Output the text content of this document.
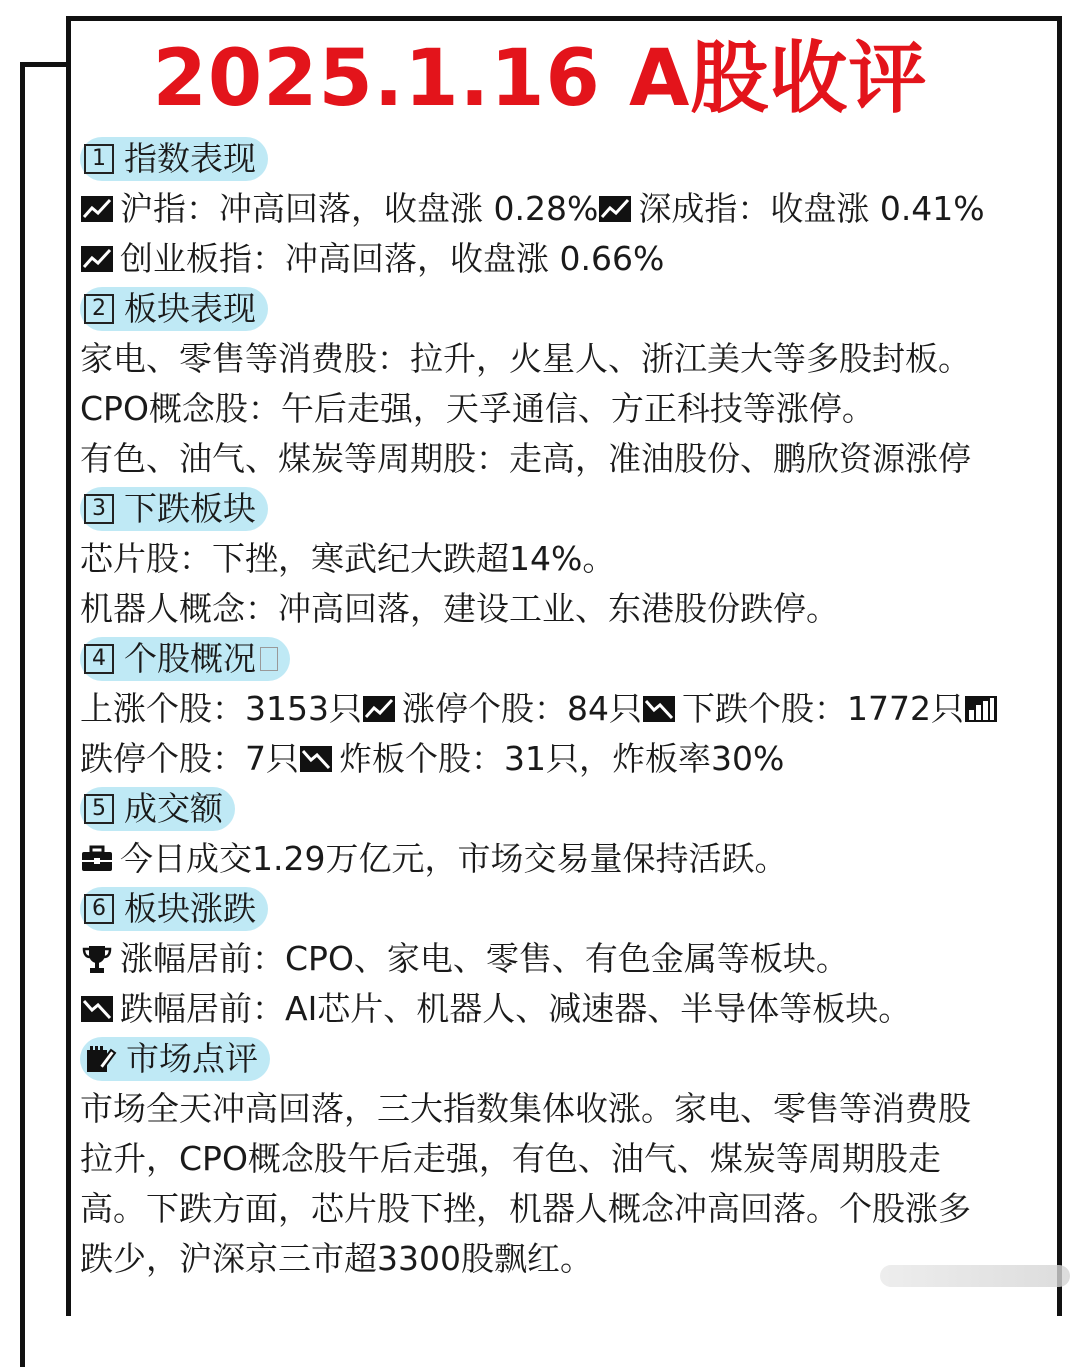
2025.1.16 A股收评
1 指数表现
沪指：冲高回落，收盘涨 0.28% 深成指：收盘涨 0.41%
创业板指：冲高回落，收盘涨 0.66%
2 板块表现
家电、零售等消费股：拉升，火星人、浙江美大等多股封板。
CPO概念股：午后走强，天孚通信、方正科技等涨停。
有色、油气、煤炭等周期股：走高，准油股份、鹏欣资源涨停
3 下跌板块
芯片股：下挫，寒武纪大跌超14%。
机器人概念：冲高回落，建设工业、东港股份跌停。
4 个股概况
上涨个股：3153只 涨停个股：84只 下跌个股：1772只
跌停个股：7只 炸板个股：31只，炸板率30%
5 成交额
今日成交1.29万亿元，市场交易量保持活跃。
6 板块涨跌
涨幅居前：CPO、家电、零售、有色金属等板块。
跌幅居前：AI芯片、机器人、减速器、半导体等板块。
市场点评
市场全天冲高回落，三大指数集体收涨。家电、零售等消费股
拉升，CPO概念股午后走强，有色、油气、煤炭等周期股走
高。下跌方面，芯片股下挫，机器人概念冲高回落。个股涨多
跌少，沪深京三市超3300股飘红。
